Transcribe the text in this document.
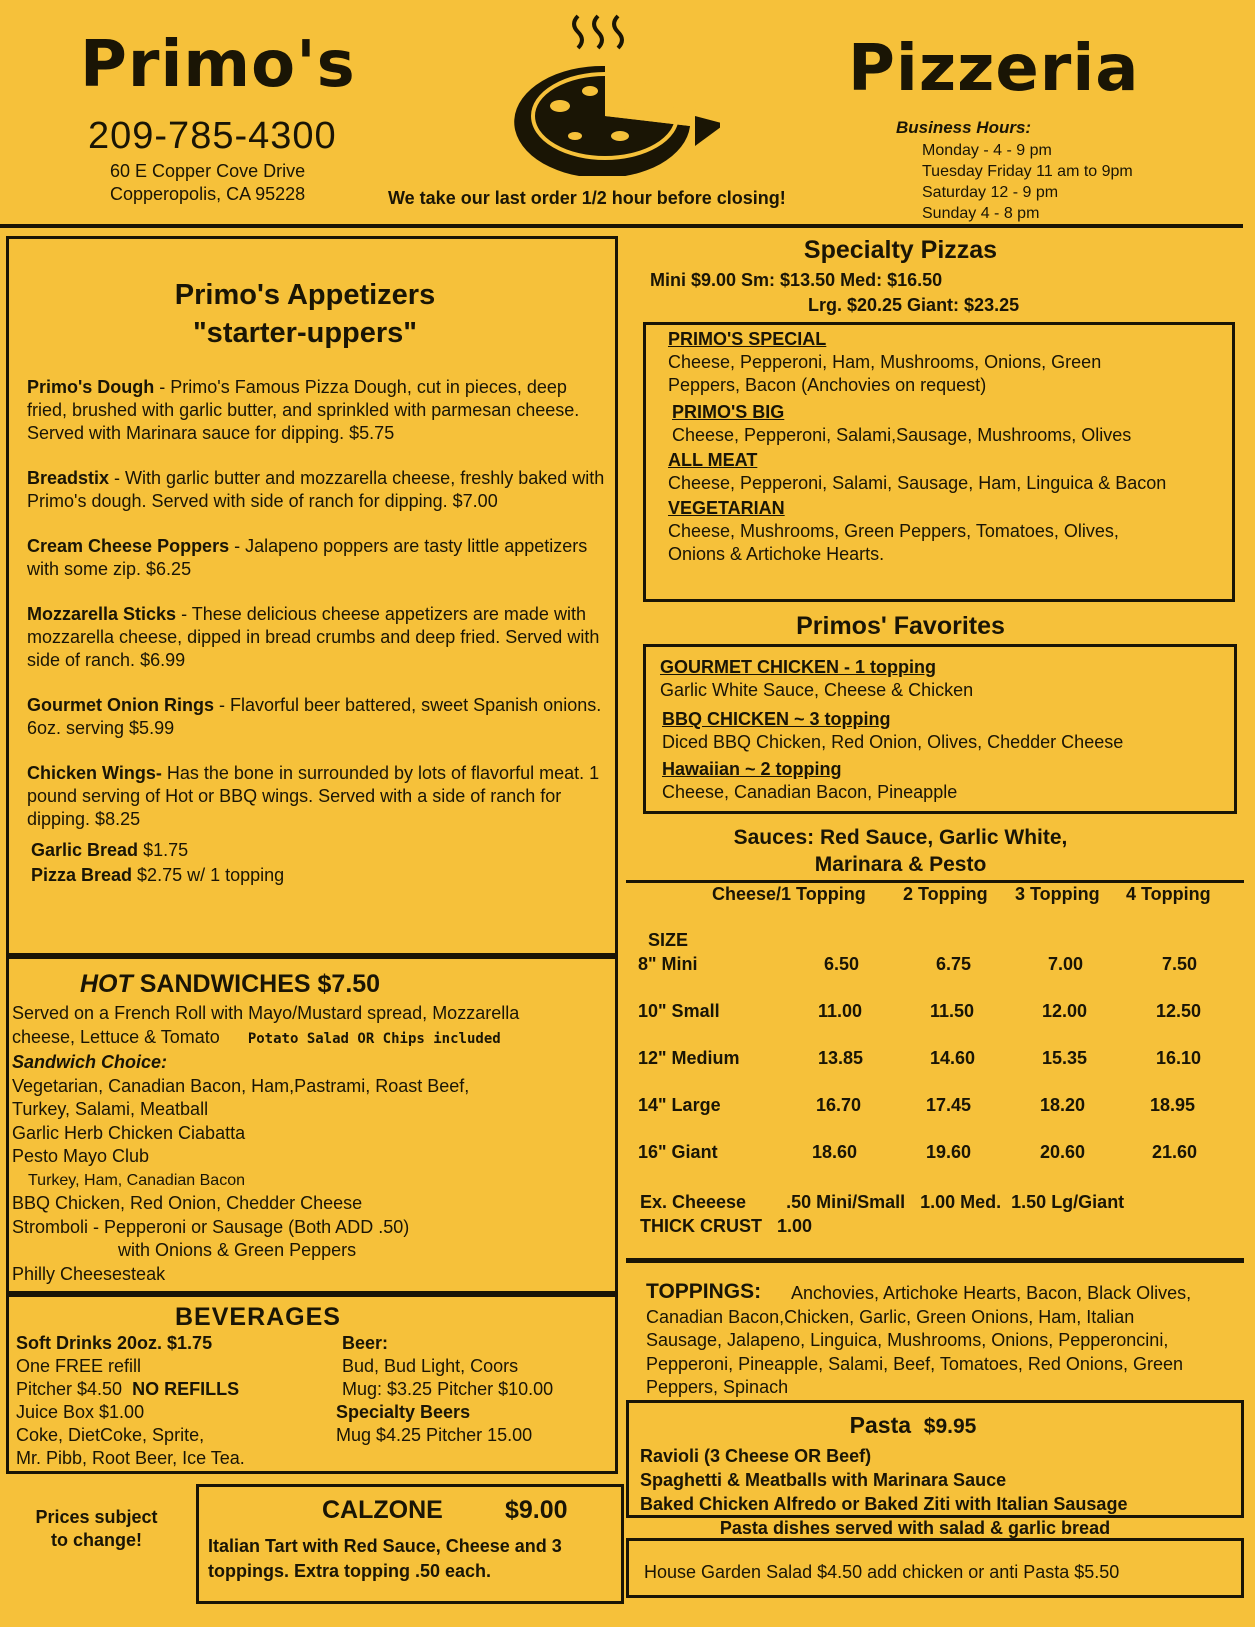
Primo's	Pizzeria
209-785-4300
60 E Copper Cove Drive
Copperopolis, CA 95228	We take our last order 1/2 hour before closing!
Business Hours:
Monday - 4 - 9 pm
Tuesday Friday 11 am to 9pm
Saturday 12 - 9 pm
Sunday 4 - 8 pm
Primo's Appetizers
"starter-uppers"
Primo's Dough - Primo's Famous Pizza Dough, cut in pieces, deep fried, brushed with garlic butter, and sprinkled with parmesan cheese. Served with Marinara sauce for dipping. $5.75
Breadstix - With garlic butter and mozzarella cheese, freshly baked with Primo's dough. Served with side of ranch for dipping. $7.00
Cream Cheese Poppers - Jalapeno poppers are tasty little appetizers with some zip. $6.25
Mozzarella Sticks - These delicious cheese appetizers are made with mozzarella cheese, dipped in bread crumbs and deep fried. Served with side of ranch. $6.99
Gourmet Onion Rings - Flavorful beer battered, sweet Spanish onions. 6oz. serving $5.99
Chicken Wings- Has the bone in surrounded by lots of flavorful meat. 1 pound serving of Hot or BBQ wings. Served with a side of ranch for dipping. $8.25
Garlic Bread $1.75
Pizza Bread $2.75 w/ 1 topping
HOT SANDWICHES $7.50
Served on a French Roll with Mayo/Mustard spread, Mozzarella
cheese, Lettuce & Tomato Potato Salad OR Chips included
Sandwich Choice:
Vegetarian, Canadian Bacon, Ham,Pastrami, Roast Beef,
Turkey, Salami, Meatball
Garlic Herb Chicken Ciabatta
Pesto Mayo Club
Turkey, Ham, Canadian Bacon
BBQ Chicken, Red Onion, Chedder Cheese
Stromboli - Pepperoni or Sausage (Both ADD .50)
with Onions & Green Peppers
Philly Cheesesteak
BEVERAGES
Soft Drinks 20oz. $1.75
One FREE refill
Pitcher $4.50 NO REFILLS
Juice Box $1.00
Coke, DietCoke, Sprite,
Mr. Pibb, Root Beer, Ice Tea.
Beer:
Bud, Bud Light, Coors
Mug: $3.25 Pitcher $10.00
Specialty Beers
Mug $4.25 Pitcher 15.00
Prices subject
to change!
CALZONE $9.00
Italian Tart with Red Sauce, Cheese and 3 toppings. Extra topping .50 each.
Specialty Pizzas
Mini $9.00 Sm: $13.50 Med: $16.50
Lrg. $20.25 Giant: $23.25
PRIMO'S SPECIAL
Cheese, Pepperoni, Ham, Mushrooms, Onions, Green Peppers, Bacon (Anchovies on request)
PRIMO'S BIG
Cheese, Pepperoni, Salami,Sausage, Mushrooms, Olives
ALL MEAT
Cheese, Pepperoni, Salami, Sausage, Ham, Linguica & Bacon
VEGETARIAN
Cheese, Mushrooms, Green Peppers, Tomatoes, Olives, Onions & Artichoke Hearts.
Primos' Favorites
GOURMET CHICKEN - 1 topping
Garlic White Sauce, Cheese & Chicken
BBQ CHICKEN ~ 3 topping
Diced BBQ Chicken, Red Onion, Olives, Chedder Cheese
Hawaiian ~ 2 topping
Cheese, Canadian Bacon, Pineapple
Sauces: Red Sauce, Garlic White,
Marinara & Pesto
Cheese/1 Topping 2 Topping 3 Topping 4 Topping
SIZE
8" Mini	6.50	6.75	7.00	7.50
10" Small	11.00	11.50	12.00	12.50
12" Medium	13.85	14.60	15.35	16.10
14" Large	16.70	17.45	18.20	18.95
16" Giant	18.60	19.60	20.60	21.60
Ex. Cheeese        .50 Mini/Small   1.00 Med.  1.50 Lg/Giant
THICK CRUST   1.00
TOPPINGS:	Anchovies, Artichoke Hearts, Bacon, Black Olives, Canadian Bacon,Chicken, Garlic, Green Onions, Ham, Italian Sausage, Jalapeno, Linguica, Mushrooms, Onions, Pepperoncini, Pepperoni, Pineapple, Salami, Beef, Tomatoes, Red Onions, Green Peppers, Spinach
Pasta $9.95
Ravioli (3 Cheese OR Beef)
Spaghetti & Meatballs with Marinara Sauce
Baked Chicken Alfredo or Baked Ziti with Italian Sausage
Pasta dishes served with salad & garlic bread
House Garden Salad $4.50 add chicken or anti Pasta $5.50
